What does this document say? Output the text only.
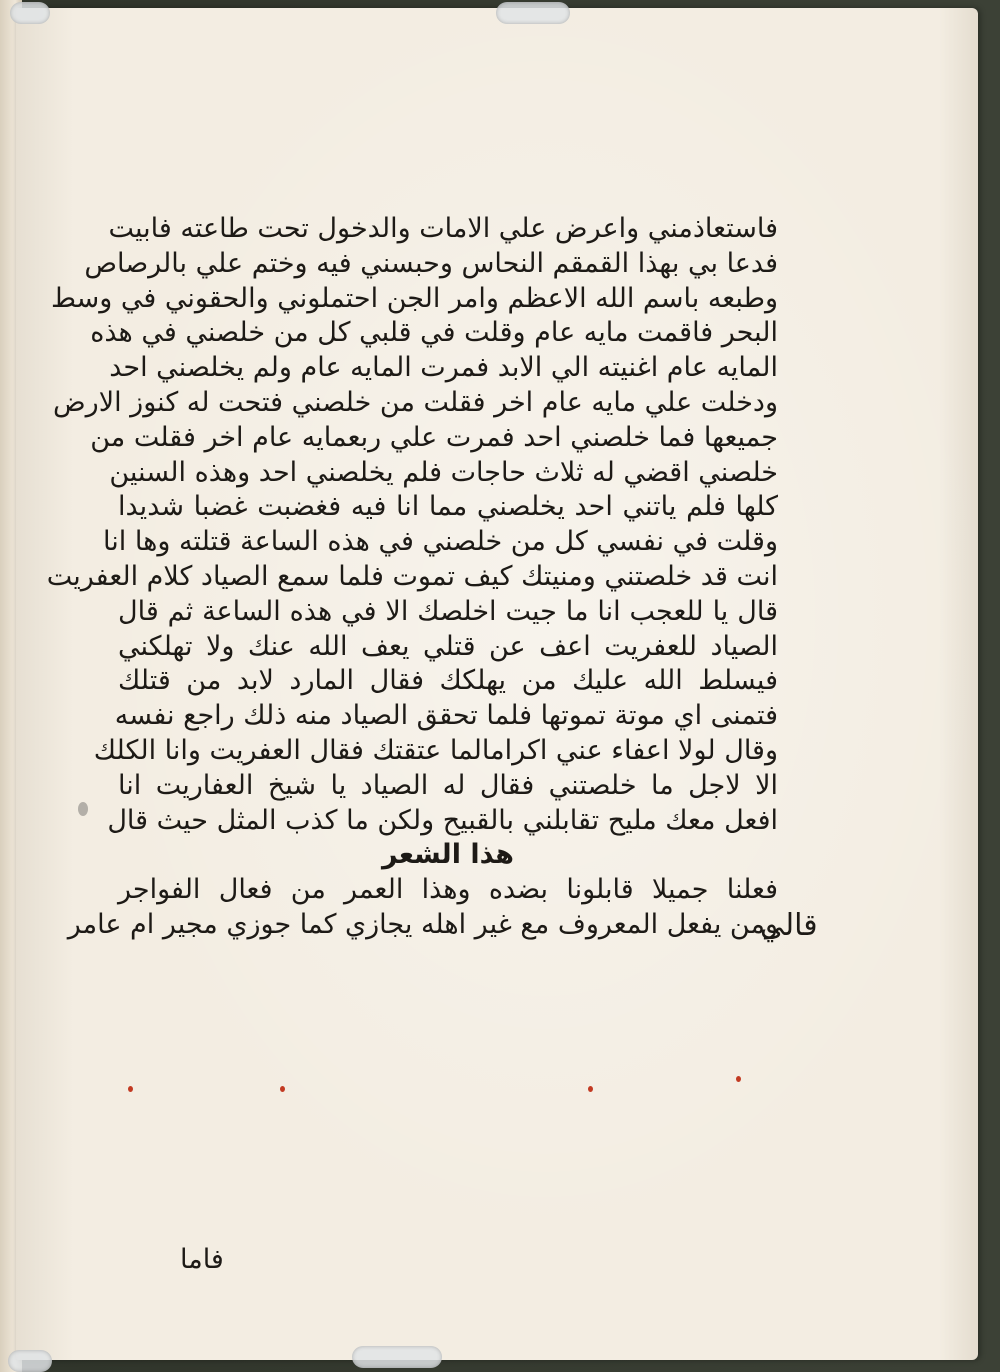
فاستعاذمني واعرض علي الامات والدخول تحت طاعته فابيت
فدعا بي بهذا القمقم النحاس وحبسني فيه وختم علي بالرصاص
وطبعه باسم الله الاعظم وامر الجن احتملوني والحقوني في وسط
البحر فاقمت مايه عام وقلت في قلبي كل من خلصني في هذه
المايه عام اغنيته الي الابد فمرت المايه عام ولم يخلصني احد
ودخلت علي مايه عام اخر فقلت من خلصني فتحت له كنوز الارض
جميعها فما خلصني احد فمرت علي ربعمايه عام اخر فقلت من
خلصني اقضي له ثلاث حاجات فلم يخلصني احد وهذه السنين
كلها فلم ياتني احد يخلصني مما انا فيه فغضبت غضبا شديدا
وقلت في نفسي كل من خلصني في هذه الساعة قتلته وها انا
انت قد خلصتني ومنيتك كيف تموت فلما سمع الصياد كلام العفريت
قال يا للعجب انا ما جيت اخلصك الا في هذه الساعة ثم قال
الصياد للعفريت اعف عن قتلي يعف الله عنك ولا تهلكني
فيسلط الله عليك من يهلكك فقال المارد لابد من قتلك
فتمنى اي موتة تموتها فلما تحقق الصياد منه ذلك راجع نفسه
وقال لولا اعفاء عني اكرامالما عتقتك فقال العفريت وانا الكلك
الا لاجل ما خلصتني فقال له الصياد يا شيخ العفاريت انا
افعل معك مليح تقابلني بالقبيح ولكن ما كذب المثل حيث قال
هذا الشعر
فعلنا جميلا قابلونا بضده وهذا العمر من فعال الفواجر
ومن يفعل المعروف مع غير اهله يجازي كما جوزي مجير ام عامر
قالي
فاما
